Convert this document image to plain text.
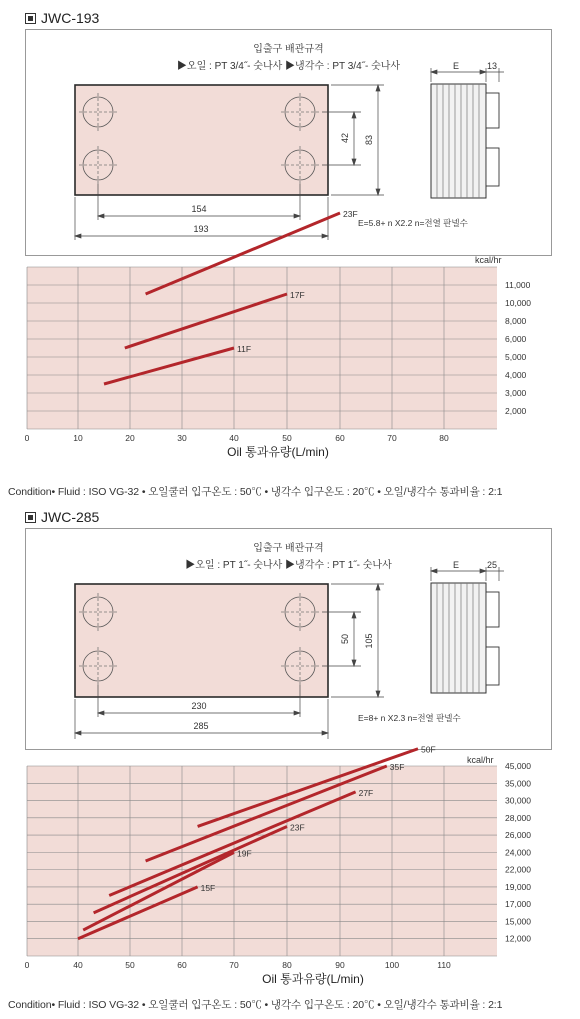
JWC-193
입출구 배관규격
▶오일 : PT 3/4˝- 숫나사 ▶냉각수 : PT 3/4˝- 숫나사
154
193
42 83
E	13
E=5.8+ n X2.2 n=전열 판넬수
23F
17F
11F
0	10	20	30	40	50	60	70	80
2,000
3,000
4,000
5,000
6,000
8,000
10,000
11,000
kcal/hr
Oil 통과유량(L/min)
Condition• Fluid : ISO VG-32 • 오일쿨러 입구온도 : 50℃ • 냉각수 입구온도 : 20℃ • 오일/냉각수 통과비율 : 2:1
JWC-285
입출구 배관규격
▶오일 : PT 1˝- 숫나사 ▶냉각수 : PT 1˝- 숫나사
230
285
50 105
E	25
E=8+ n X2.3 n=전열 판넬수
50F
35F
27F
23F
19F
15F
0	40	50	60	70	80	90	100	110
12,000
15,000
17,000
19,000
22,000
24,000
26,000
28,000
30,000
35,000
45,000
kcal/hr
Oil 통과유량(L/min)
Condition• Fluid : ISO VG-32 • 오일쿨러 입구온도 : 50℃ • 냉각수 입구온도 : 20℃ • 오일/냉각수 통과비율 : 2:1
